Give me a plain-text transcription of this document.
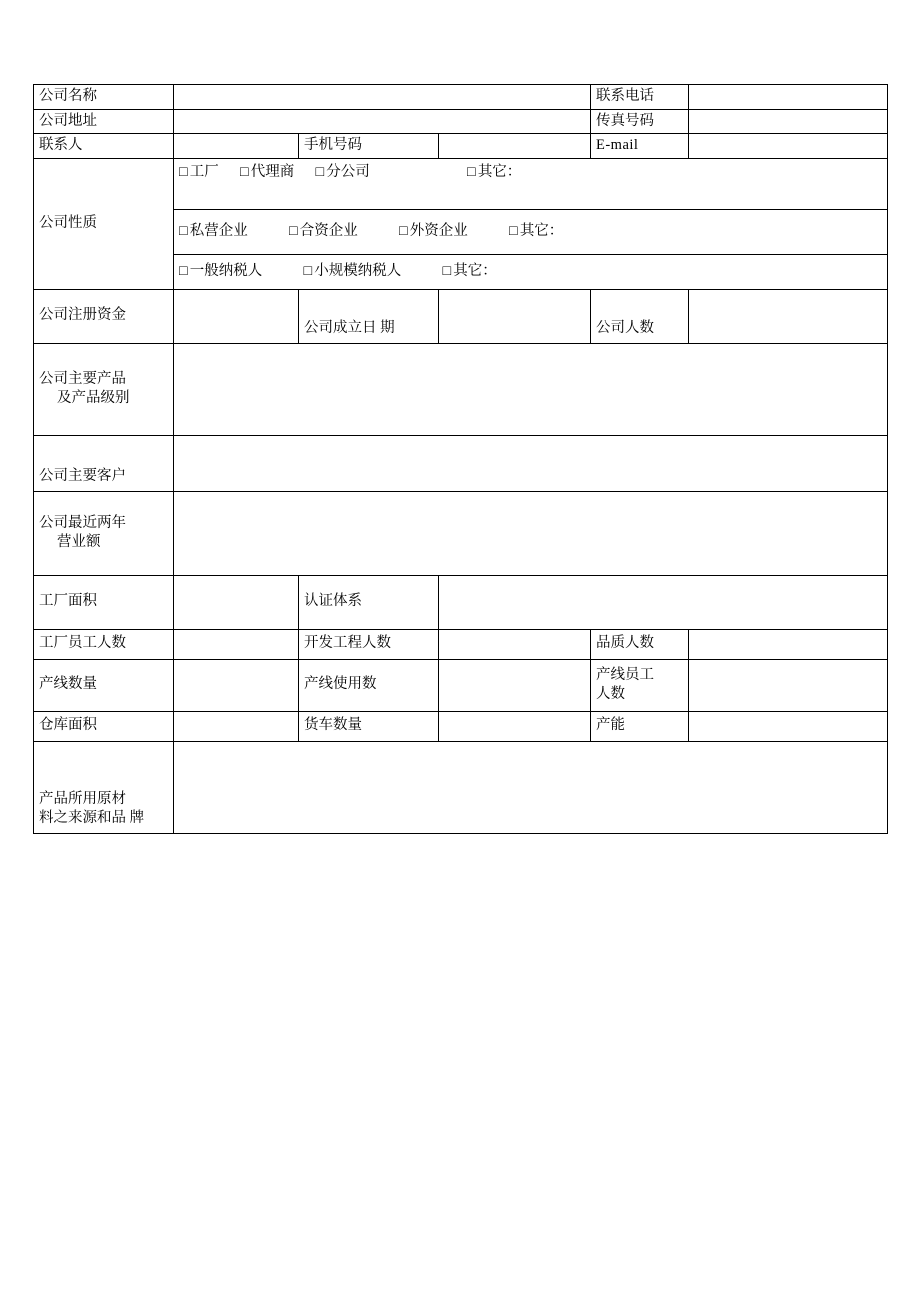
公司名称				联系电话	
公司地址				传真号码	
联系人		手机号码		E-mail	
公司性质	□ 工厂 □ 代理商 □ 分公司 □ 其它：				

	□ 私营企业 □ 合资企业 □ 外资企业 □ 其它：				

	□ 一般纳税人 □ 小规模纳税人 □ 其它：				

公司注册资金		公司成立日 期		公司人数	
公司主要产品
及产品级别					
公司主要客户					
公司最近两年
营业额					
工厂面积		认证体系			
工厂员工人数		开发工程人数		品质人数	
产线数量		产线使用数		产线员工
人数	
仓库面积		货车数量		产能	
产品所用原材
料之来源和品 牌					
